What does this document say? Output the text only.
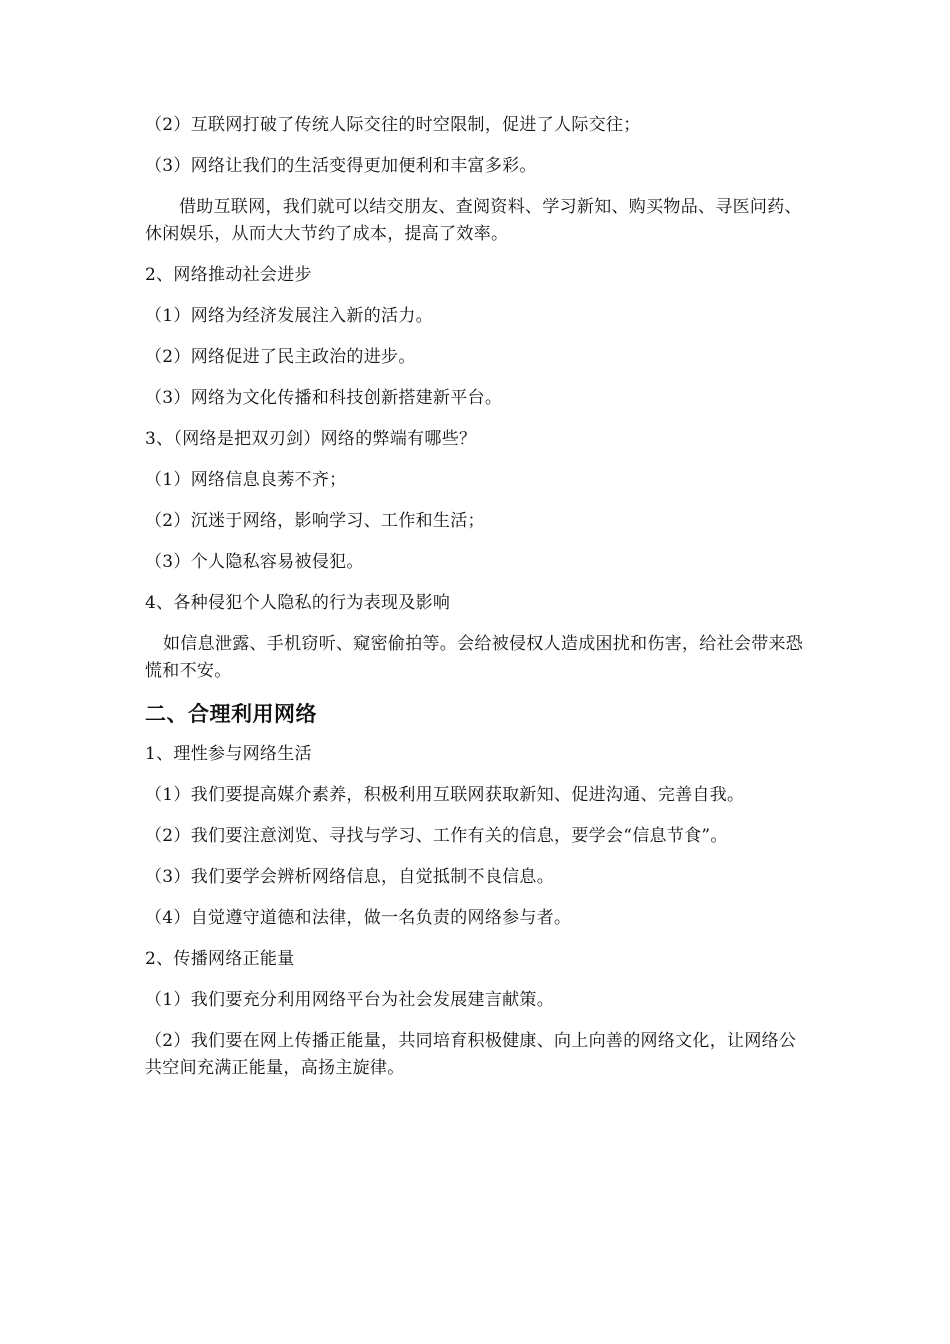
（2）互联网打破了传统人际交往的时空限制，促进了人际交往；

（3）网络让我们的生活变得更加便利和丰富多彩。

借助互联网，我们就可以结交朋友、查阅资料、学习新知、购买物品、寻医问药、休闲娱乐，从而大大节约了成本，提高了效率。

2、网络推动社会进步

（1）网络为经济发展注入新的活力。

（2）网络促进了民主政治的进步。

（3）网络为文化传播和科技创新搭建新平台。

3、（网络是把双刃剑）网络的弊端有哪些？

（1）网络信息良莠不齐；

（2）沉迷于网络，影响学习、工作和生活；

（3）个人隐私容易被侵犯。

4、各种侵犯个人隐私的行为表现及影响

如信息泄露、手机窃听、窥密偷拍等。会给被侵权人造成困扰和伤害，给社会带来恐慌和不安。

二、合理利用网络

1、理性参与网络生活

（1）我们要提高媒介素养，积极利用互联网获取新知、促进沟通、完善自我。

（2）我们要注意浏览、寻找与学习、工作有关的信息，要学会“信息节食”。

（3）我们要学会辨析网络信息，自觉抵制不良信息。

（4）自觉遵守道德和法律，做一名负责的网络参与者。

2、传播网络正能量

（1）我们要充分利用网络平台为社会发展建言献策。

（2）我们要在网上传播正能量，共同培育积极健康、向上向善的网络文化，让网络公共空间充满正能量，高扬主旋律。
